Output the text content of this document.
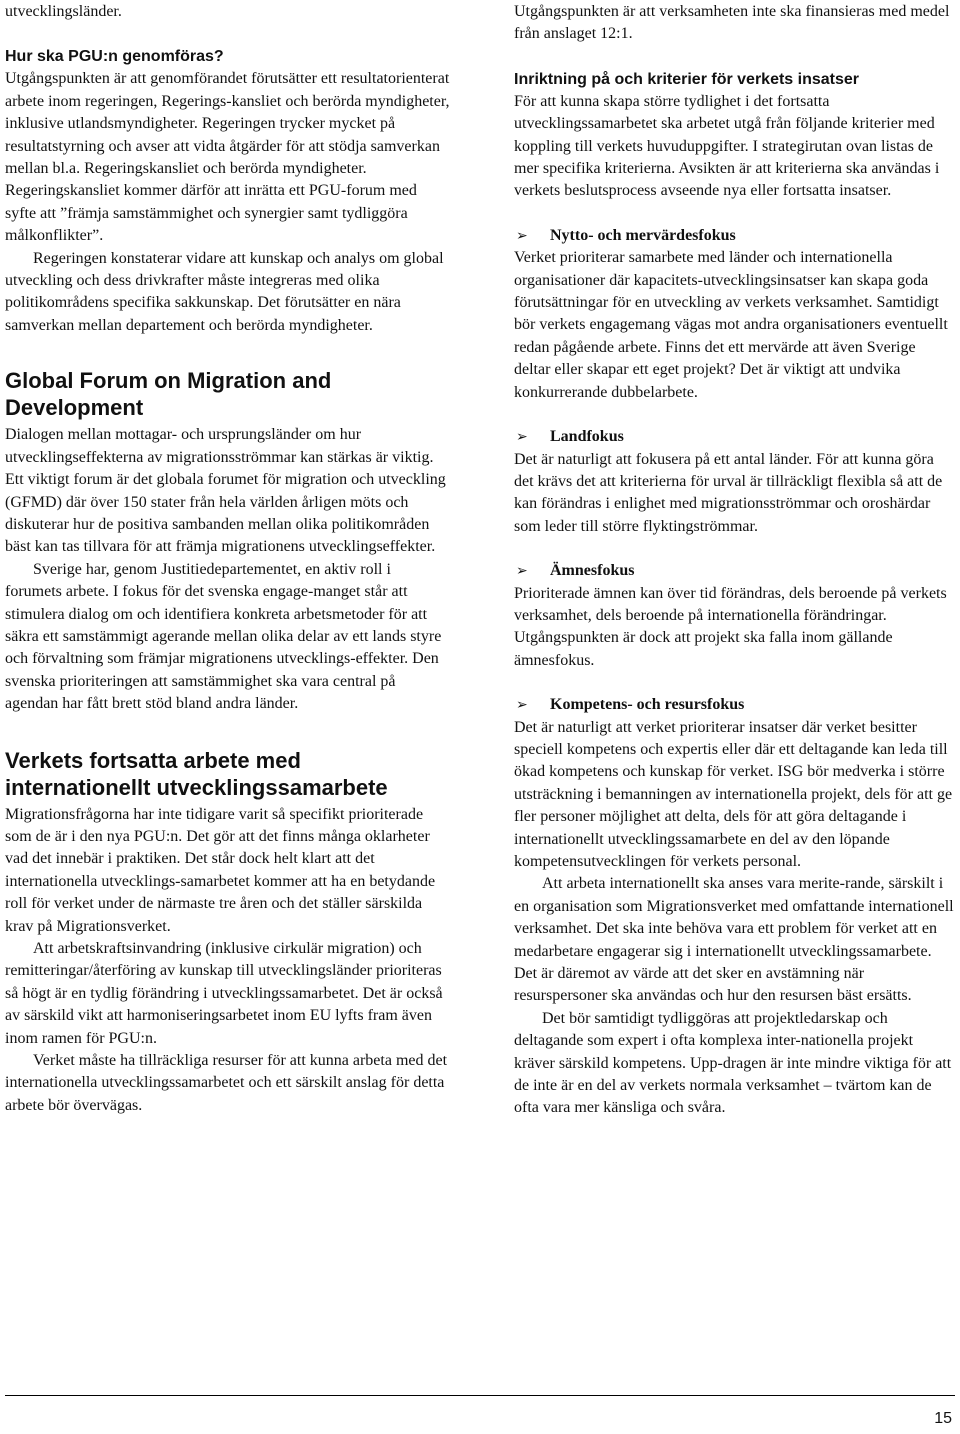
utvecklingsländer.

Hur ska PGU:n genomföras?

Utgångspunkten är att genomförandet förutsätter ett resultatorienterat arbete inom regeringen, Regerings-kansliet och berörda myndigheter, inklusive utlandsmyndigheter. Regeringen trycker mycket på resultatstyrning och avser att vidta åtgärder för att stödja samverkan mellan bl.a. Regeringskansliet och berörda myndigheter. Regeringskansliet kommer därför att inrätta ett PGU-forum med syfte att ”främja samstämmighet och synergier samt tydliggöra målkonflikter”.

Regeringen konstaterar vidare att kunskap och analys om global utveckling och dess drivkrafter måste integreras med olika politikområdens specifika sakkunskap. Det förutsätter en nära samverkan mellan departement och berörda myndigheter.

Global Forum on Migration and Development

Dialogen mellan mottagar- och ursprungsländer om hur utvecklingseffekterna av migrationsströmmar kan stärkas är viktig. Ett viktigt forum är det globala forumet för migration och utveckling (GFMD) där över 150 stater från hela världen årligen möts och diskuterar hur de positiva sambanden mellan olika politikområden bäst kan tas tillvara för att främja migrationens utvecklingseffekter.

Sverige har, genom Justitiedepartementet, en aktiv roll i forumets arbete. I fokus för det svenska engage-manget står att stimulera dialog om och identifiera konkreta arbetsmetoder för att säkra ett samstämmigt agerande mellan olika delar av ett lands styre och förvaltning som främjar migrationens utvecklings-effekter. Den svenska prioriteringen att samstämmighet ska vara central på agendan har fått brett stöd bland andra länder.

Verkets fortsatta arbete med internationellt utvecklingssamarbete

Migrationsfrågorna har inte tidigare varit så specifikt prioriterade som de är i den nya PGU:n. Det gör att det finns många oklarheter vad det innebär i praktiken. Det står dock helt klart att det internationella utvecklings-samarbetet kommer att ha en betydande roll för verket under de närmaste tre åren och det ställer särskilda krav på Migrationsverket.

Att arbetskraftsinvandring (inklusive cirkulär migration) och remitteringar/återföring av kunskap till utvecklingsländer prioriteras så högt är en tydlig förändring i utvecklingssamarbetet. Det är också av särskild vikt att harmoniseringsarbetet inom EU lyfts fram även inom ramen för PGU:n.

Verket måste ha tillräckliga resurser för att kunna arbeta med det internationella utvecklingssamarbetet och ett särskilt anslag för detta arbete bör övervägas.

Utgångspunkten är att verksamheten inte ska finansieras med medel från anslaget 12:1.

Inriktning på och kriterier för verkets insatser

För att kunna skapa större tydlighet i det fortsatta utvecklingssamarbetet ska arbetet utgå från följande kriterier med koppling till verkets huvuduppgifter. I strategirutan ovan listas de mer specifika kriterierna. Avsikten är att kriterierna ska användas i verkets beslutsprocess avseende nya eller fortsatta insatser.

➢ Nytto- och mervärdesfokus

Verket prioriterar samarbete med länder och internationella organisationer där kapacitets-utvecklingsinsatser kan skapa goda förutsättningar för en utveckling av verkets verksamhet. Samtidigt bör verkets engagemang vägas mot andra organisationers eventuellt redan pågående arbete. Finns det ett mervärde att även Sverige deltar eller skapar ett eget projekt? Det är viktigt att undvika konkurrerande dubbelarbete.

➢ Landfokus

Det är naturligt att fokusera på ett antal länder. För att kunna göra det krävs det att kriterierna för urval är tillräckligt flexibla så att de kan förändras i enlighet med migrationsströmmar och oroshärdar som leder till större flyktingströmmar.

➢ Ämnesfokus

Prioriterade ämnen kan över tid förändras, dels beroende på verkets verksamhet, dels beroende på internationella förändringar. Utgångspunkten är dock att projekt ska falla inom gällande ämnesfokus.

➢ Kompetens- och resursfokus

Det är naturligt att verket prioriterar insatser där verket besitter speciell kompetens och expertis eller där ett deltagande kan leda till ökad kompetens och kunskap för verket. ISG bör medverka i större utsträckning i bemanningen av internationella projekt, dels för att ge fler personer möjlighet att delta, dels för att göra deltagande i internationellt utvecklingssamarbete en del av den löpande kompetensutvecklingen för verkets personal.

Att arbeta internationellt ska anses vara merite-rande, särskilt i en organisation som Migrationsverket med omfattande internationell verksamhet. Det ska inte behöva vara ett problem för verket att en medarbetare engagerar sig i internationellt utvecklingssamarbete. Det är däremot av värde att det sker en avstämning när resurspersoner ska användas och hur den resursen bäst ersätts.

Det bör samtidigt tydliggöras att projektledarskap och deltagande som expert i ofta komplexa inter-nationella projekt kräver särskild kompetens. Upp-dragen är inte mindre viktiga för att de inte är en del av verkets normala verksamhet – tvärtom kan de ofta vara mer känsliga och svåra.

15
